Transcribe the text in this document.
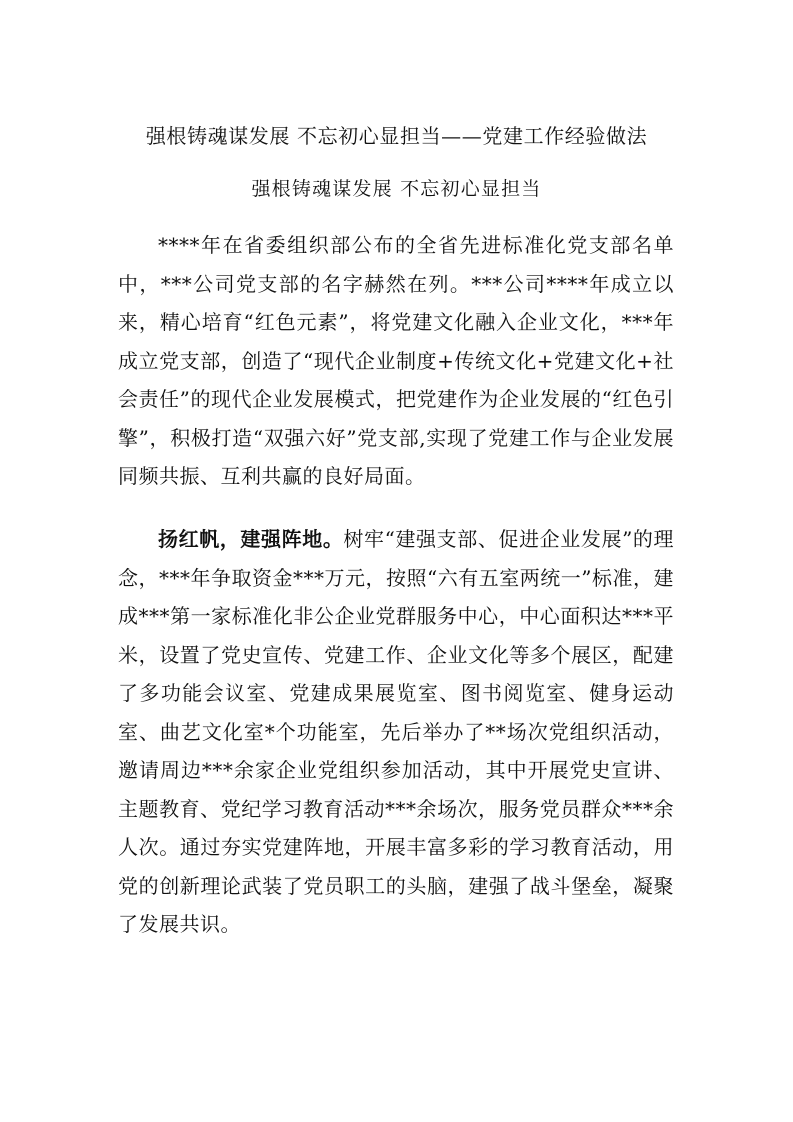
强根铸魂谋发展 不忘初心显担当——党建工作经验做法
强根铸魂谋发展 不忘初心显担当

****年在省委组织部公布的全省先进标准化党支部名单中，***公司党支部的名字赫然在列。***公司****年成立以来，精心培育“红色元素”，将党建文化融入企业文化，***年成立党支部，创造了“现代企业制度+传统文化+党建文化+社会责任”的现代企业发展模式，把党建作为企业发展的“红色引擎”，积极打造“双强六好”党支部,实现了党建工作与企业发展同频共振、互利共赢的良好局面。

扬红帆，建强阵地。树牢“建强支部、促进企业发展”的理念，***年争取资金***万元，按照“六有五室两统一”标准，建成***第一家标准化非公企业党群服务中心，中心面积达***平米，设置了党史宣传、党建工作、企业文化等多个展区，配建了多功能会议室、党建成果展览室、图书阅览室、健身运动室、曲艺文化室*个功能室，先后举办了**场次党组织活动，邀请周边***余家企业党组织参加活动，其中开展党史宣讲、主题教育、党纪学习教育活动***余场次，服务党员群众***余人次。通过夯实党建阵地，开展丰富多彩的学习教育活动，用党的创新理论武装了党员职工的头脑，建强了战斗堡垒，凝聚了发展共识。
